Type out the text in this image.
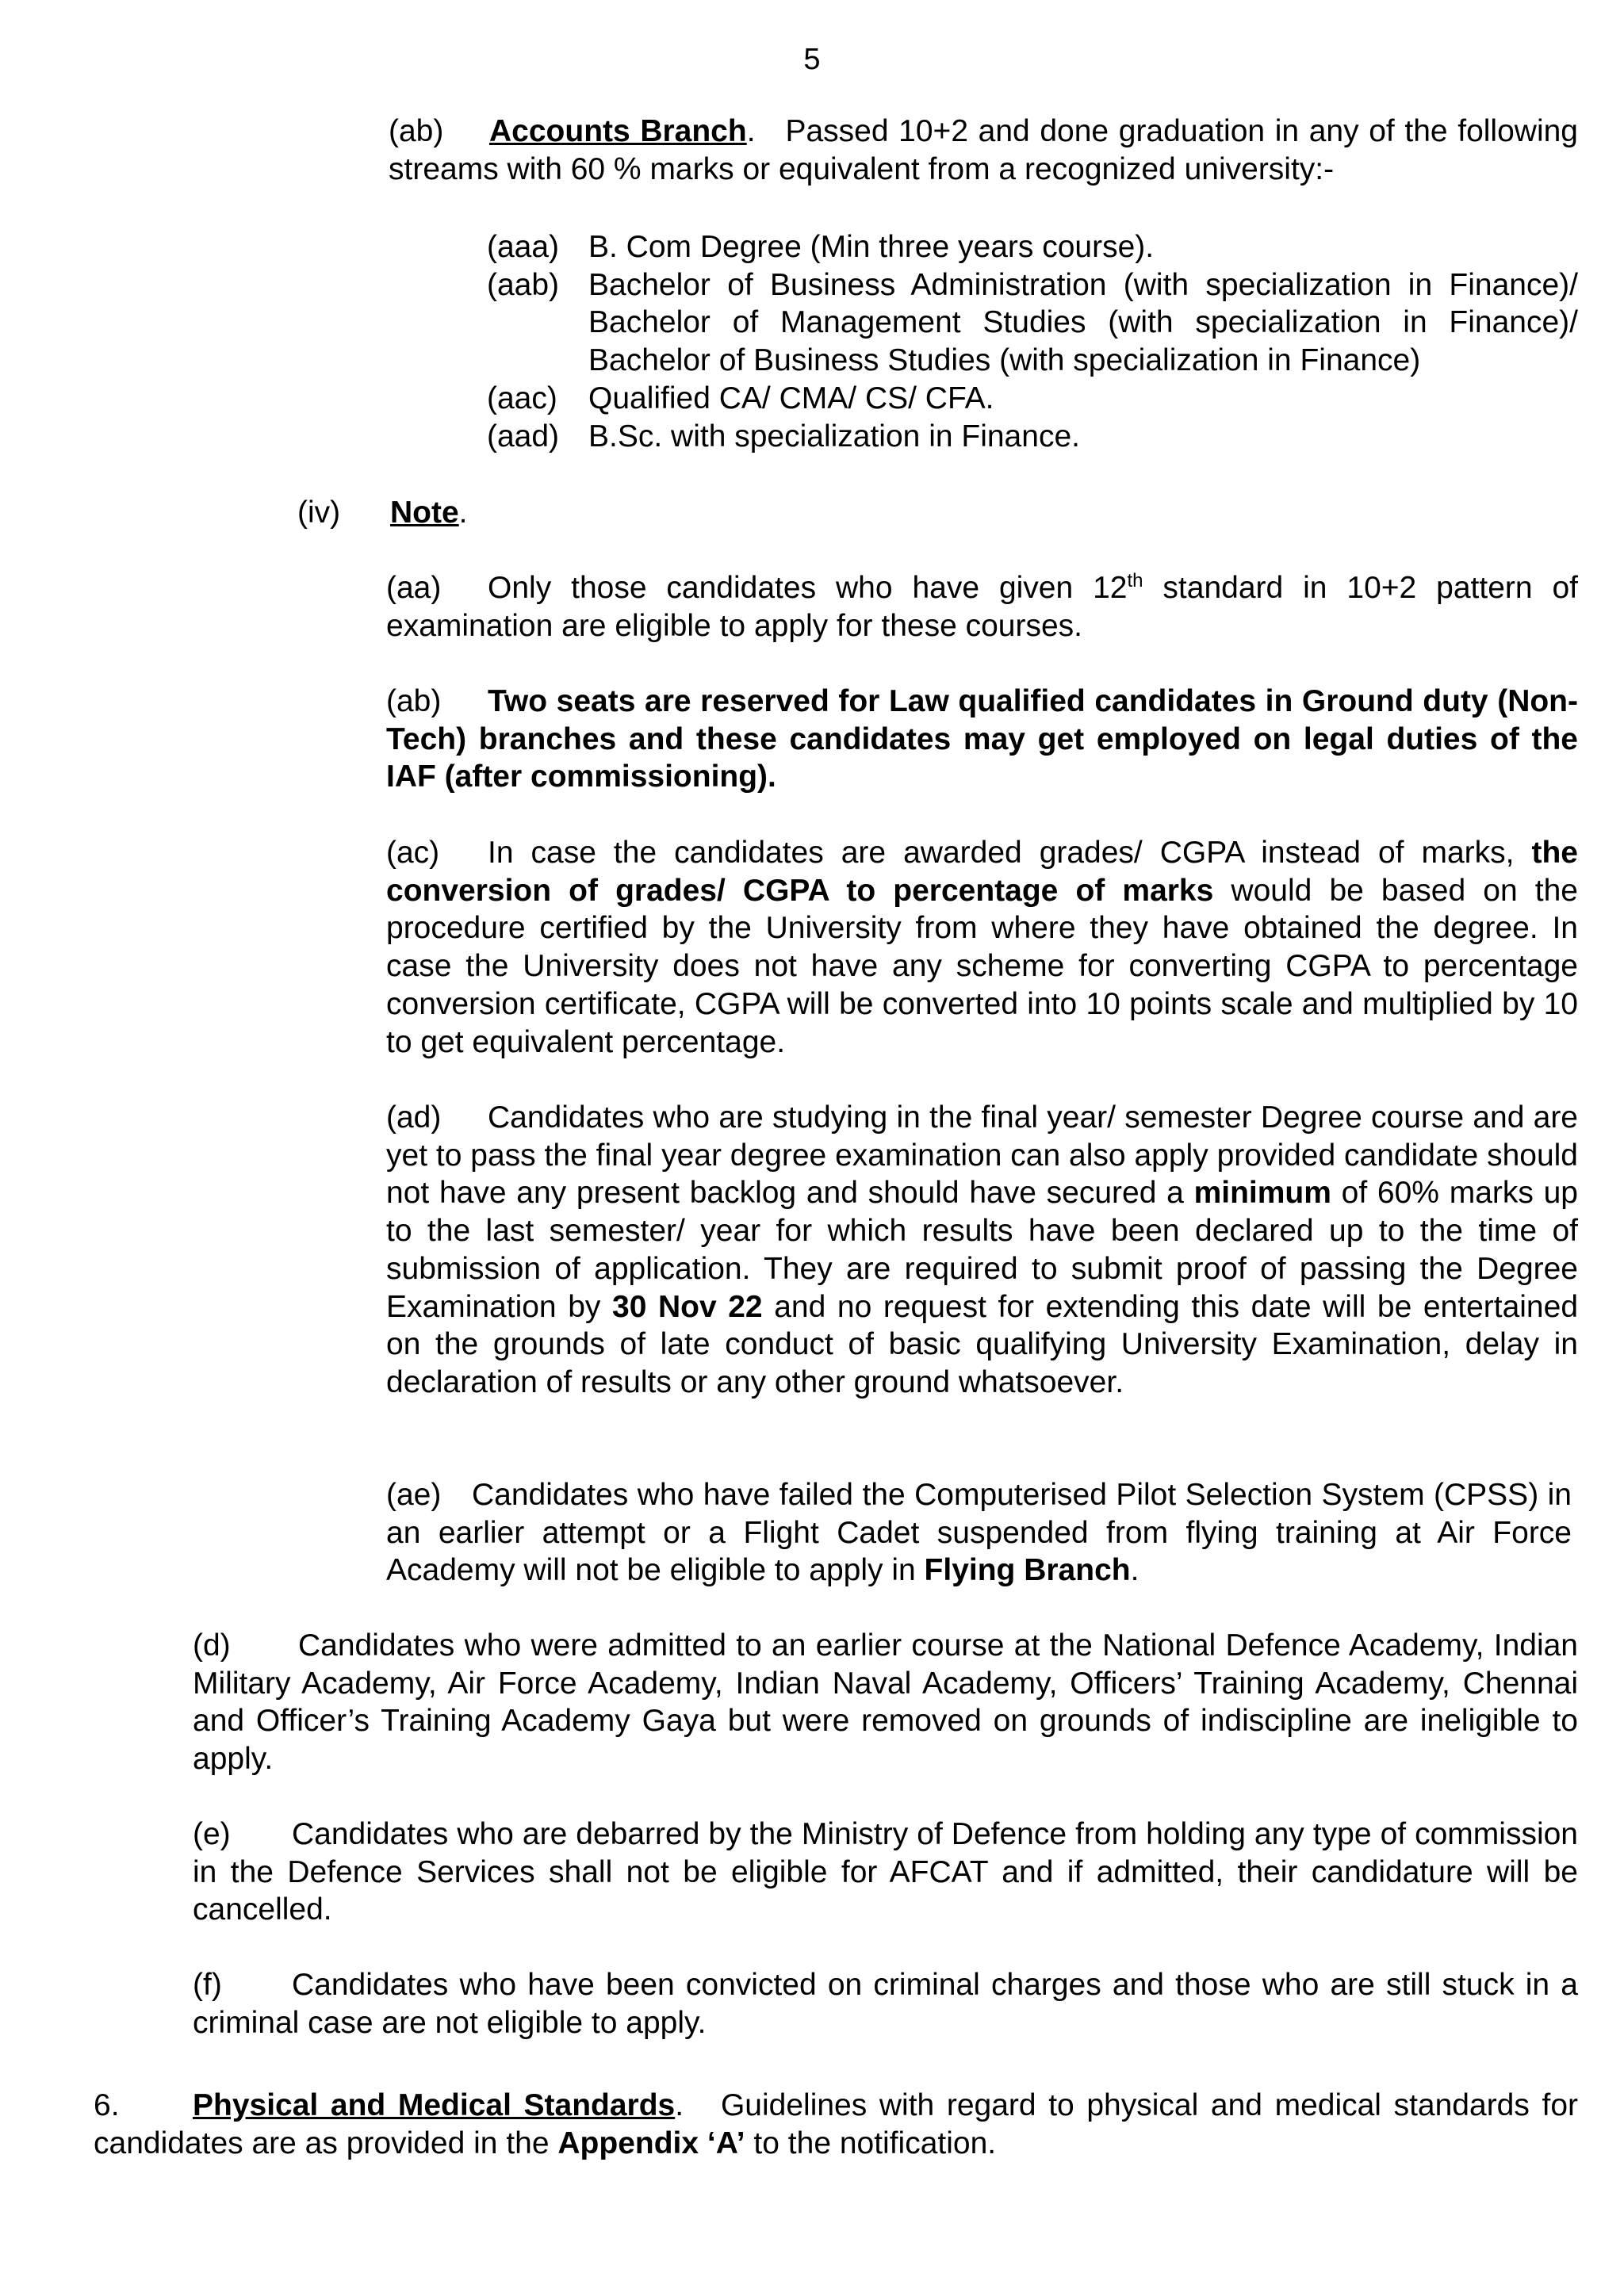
5

(ab) Accounts Branch.   Passed 10+2 and done graduation in any of the following streams with 60 % marks or equivalent from a recognized university:-

(aaa) B. Com Degree (Min three years course).
(aab) Bachelor of Business Administration (with specialization in Finance)/ Bachelor of Management Studies (with specialization in Finance)/ Bachelor of Business Studies (with specialization in Finance)
(aac)	Qualified CA/ CMA/ CS/ CFA.
(aad) B.Sc. with specialization in Finance.

(iv) Note.

(aa) Only those candidates who have given 12th standard in 10+2 pattern of examination are eligible to apply for these courses.

(ab) Two seats are reserved for Law qualified candidates in Ground duty (Non-Tech) branches and these candidates may get employed on legal duties of the IAF (after commissioning).

(ac) In case the candidates are awarded grades/ CGPA instead of marks, the conversion of grades/ CGPA to percentage of marks would be based on the procedure certified by the University from where they have obtained the degree. In case the University does not have any scheme for converting CGPA to percentage conversion certificate, CGPA will be converted into 10 points scale and multiplied by 10 to get equivalent percentage.

(ad) Candidates who are studying in the final year/ semester Degree course and are yet to pass the final year degree examination can also apply provided candidate should not have any present backlog and should have secured a minimum of 60% marks up to the last semester/ year for which results have been declared up to the time of submission of application. They are required to submit proof of passing the Degree Examination by 30 Nov 22 and no request for extending this date will be entertained on the grounds of late conduct of basic qualifying University Examination, delay in declaration of results or any other ground whatsoever.

(ae) Candidates who have failed the Computerised Pilot Selection System (CPSS) in an earlier attempt or a Flight Cadet suspended from flying training at Air Force Academy will not be eligible to apply in Flying Branch.

(d) Candidates who were admitted to an earlier course at the National Defence Academy, Indian Military Academy, Air Force Academy, Indian Naval Academy, Officers’ Training Academy, Chennai and Officer’s Training Academy Gaya but were removed on grounds of indiscipline are ineligible to apply.

(e) Candidates who are debarred by the Ministry of Defence from holding any type of commission in the Defence Services shall not be eligible for AFCAT and if admitted, their candidature will be cancelled.

(f) Candidates who have been convicted on criminal charges and those who are still stuck in a criminal case are not eligible to apply.

6. Physical and Medical Standards.   Guidelines with regard to physical and medical standards for candidates are as provided in the Appendix ‘A’ to the notification.
